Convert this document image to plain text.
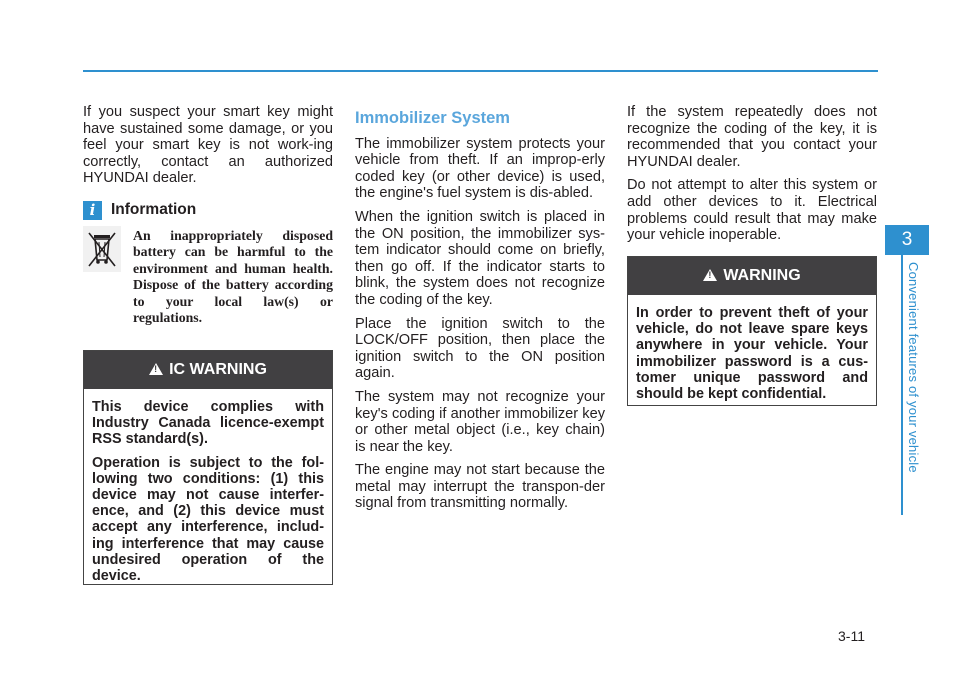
If you suspect your smart key might have sustained some damage, or you feel your smart key is not work-ing correctly, contact an authorized HYUNDAI dealer.

i	Information
An inappropriately disposed battery can be harmful to the environment and human health. Dispose of the battery according to your local law(s) or regulations.
!
IC WARNING

This device complies with Industry Canada licence-exempt RSS standard(s).

Operation is subject to the fol-lowing two conditions: (1) this device may not cause interfer-ence, and (2) this device must accept any interference, includ-ing interference that may cause undesired operation of the device.

Immobilizer System

The immobilizer system protects your vehicle from theft. If an improp-erly coded key (or other device) is used, the engine's fuel system is dis-abled.

When the ignition switch is placed in the ON position, the immobilizer sys-tem indicator should come on briefly, then go off. If the indicator starts to blink, the system does not recognize the coding of the key.

Place the ignition switch to the LOCK/OFF position, then place the ignition switch to the ON position again.

The system may not recognize your key's coding if another immobilizer key or other metal object (i.e., key chain) is near the key.

The engine may not start because the metal may interrupt the transpon-der signal from transmitting normally.

If the system repeatedly does not recognize the coding of the key, it is recommended that you contact your HYUNDAI dealer.

Do not attempt to alter this system or add other devices to it. Electrical problems could result that may make your vehicle inoperable.

!
WARNING

In order to prevent theft of your vehicle, do not leave spare keys anywhere in your vehicle. Your immobilizer password is a cus-tomer unique password and should be kept confidential.

3
Convenient features of your vehicle
3-11
